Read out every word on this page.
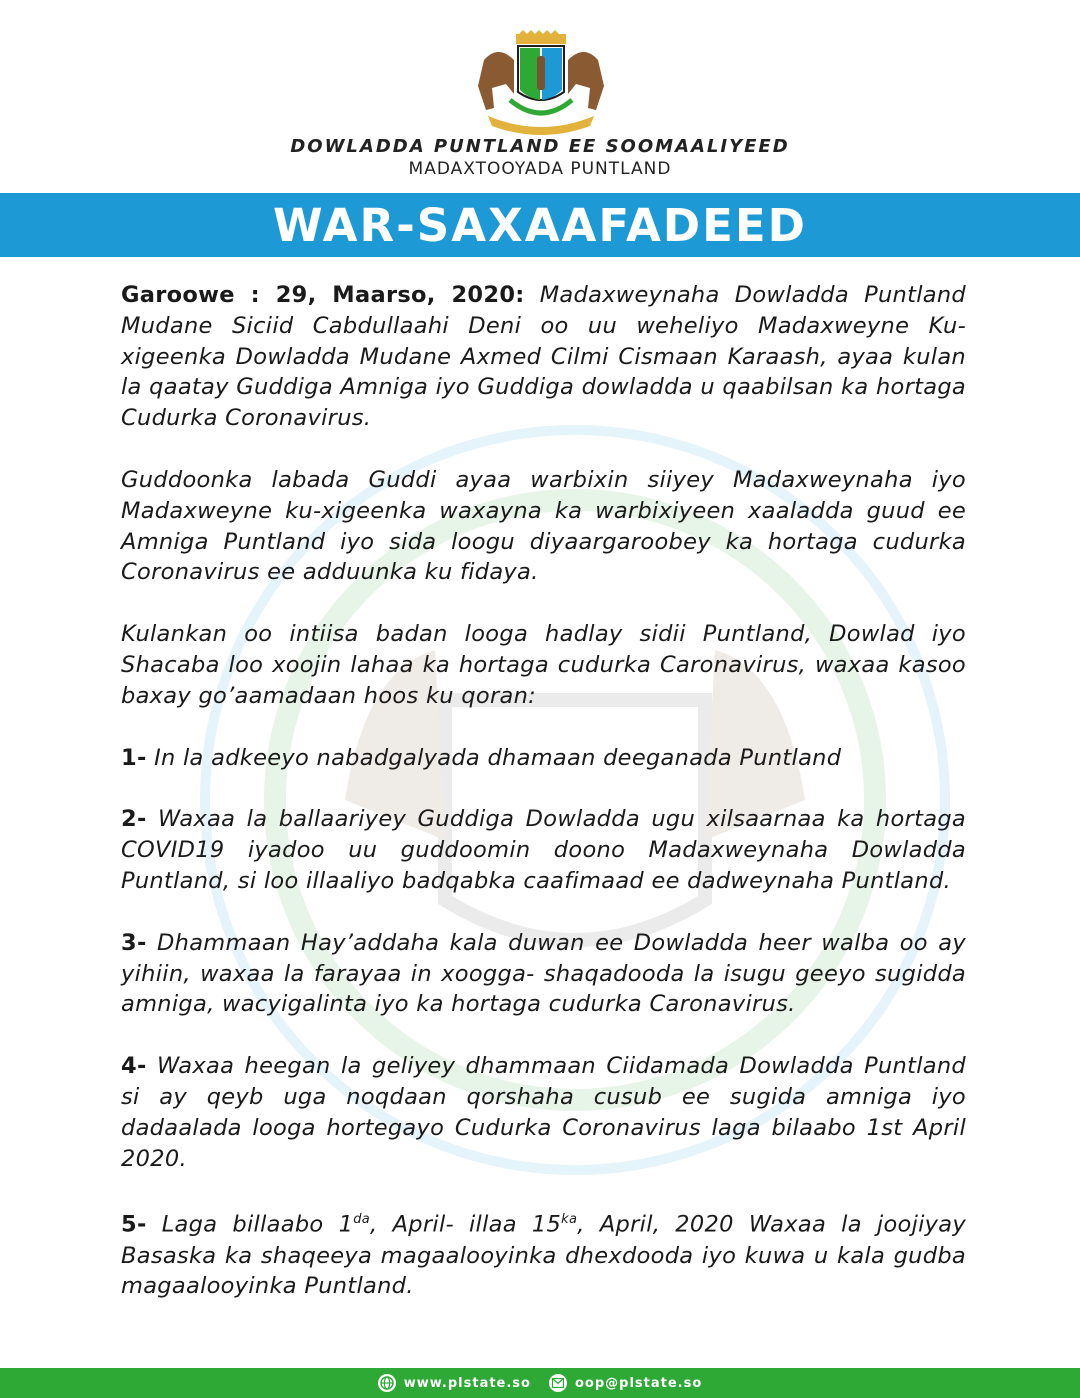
DOWLADDA PUNTLAND EE SOOMAALIYEED
MADAXTOOYADA PUNTLAND
WAR-SAXAAFADEED

Garoowe : 29, Maarso, 2020: Madaxweynaha Dowladda Puntland Mudane Siciid Cabdullaahi Deni oo uu weheliyo Madaxweyne Ku-xigeenka Dowladda Mudane Axmed Cilmi Cismaan Karaash, ayaa kulan la qaatay Guddiga Amniga iyo Guddiga dowladda u qaabilsan ka hortaga Cudurka Coronavirus.

Guddoonka labada Guddi ayaa warbixin siiyey Madaxweynaha iyo Madaxweyne ku-xigeenka waxayna ka warbixiyeen xaaladda guud ee Amniga Puntland iyo sida loogu diyaargaroobey ka hortaga cudurka Coronavirus ee adduunka ku fidaya.

Kulankan oo intiisa badan looga hadlay sidii Puntland, Dowlad iyo Shacaba loo xoojin lahaa ka hortaga cudurka Caronavirus, waxaa kasoo baxay go’aamadaan hoos ku qoran:

1- In la adkeeyo nabadgalyada dhamaan deeganada Puntland

2- Waxaa la ballaariyey Guddiga Dowladda ugu xilsaarnaa ka hortaga COVID19 iyadoo uu guddoomin doono Madaxweynaha Dowladda Puntland, si loo illaaliyo badqabka caafimaad ee dadweynaha Puntland.

3- Dhammaan Hay’addaha kala duwan ee Dowladda heer walba oo ay yihiin, waxaa la farayaa in xoogga- shaqadooda la isugu geeyo sugidda amniga, wacyigalinta iyo ka hortaga cudurka Caronavirus.

4- Waxaa heegan la geliyey dhammaan Ciidamada Dowladda Puntland si ay qeyb uga noqdaan qorshaha cusub ee sugida amniga iyo dadaalada looga hortegayo Cudurka Coronavirus laga bilaabo 1st April 2020.

5- Laga billaabo $1^{da}$, April- illaa $15^{ka}$, April, 2020 Waxaa la joojiyay Basaska ka shaqeeya magaalooyinka dhexdooda iyo kuwa u kala gudba magaalooyinka Puntland.

www.plstate.so	oop@plstate.so
